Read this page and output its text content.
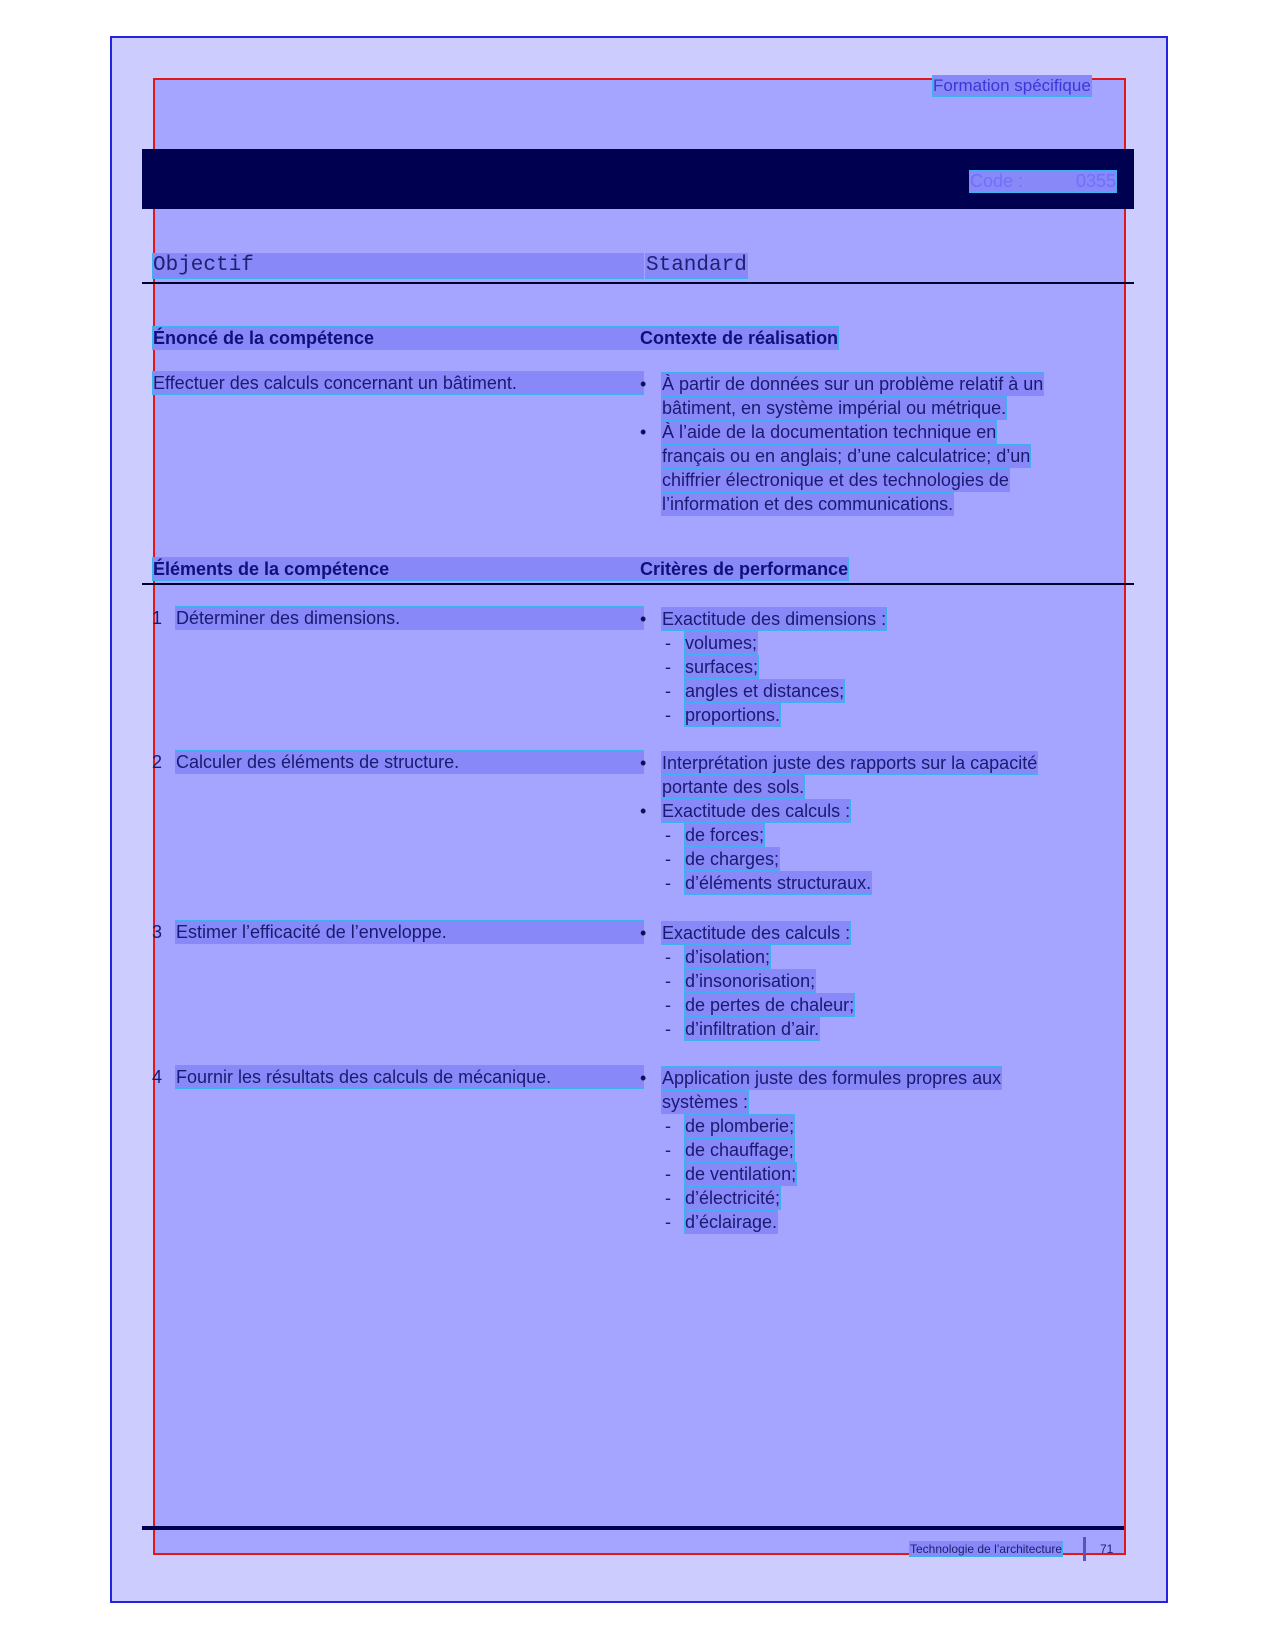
Formation spécifique
Code :	0355
Objectif	Standard
Énoncé de la compétence	Contexte de réalisation
Effectuer des calculs concernant un bâtiment.	• À partir de données sur un problème relatif à un
bâtiment, en système impérial ou métrique.
• À l’aide de la documentation technique en
français ou en anglais; d’une calculatrice; d’un
chiffrier électronique et des technologies de
l’information et des communications.
Éléments de la compétence	Critères de performance
1 Déterminer des dimensions.	• Exactitude des dimensions :
- volumes;
- surfaces;
- angles et distances;
- proportions.
2 Calculer des éléments de structure.	• Interprétation juste des rapports sur la capacité
portante des sols.
• Exactitude des calculs :
- de forces;
- de charges;
- d’éléments structuraux.
3 Estimer l’efficacité de l’enveloppe.	• Exactitude des calculs :
- d’isolation;
- d’insonorisation;
- de pertes de chaleur;
- d’infiltration d’air.
4 Fournir les résultats des calculs de mécanique.	• Application juste des formules propres aux
systèmes :
- de plomberie;
- de chauffage;
- de ventilation;
- d’électricité;
- d’éclairage.
Technologie de l’architecture	71
